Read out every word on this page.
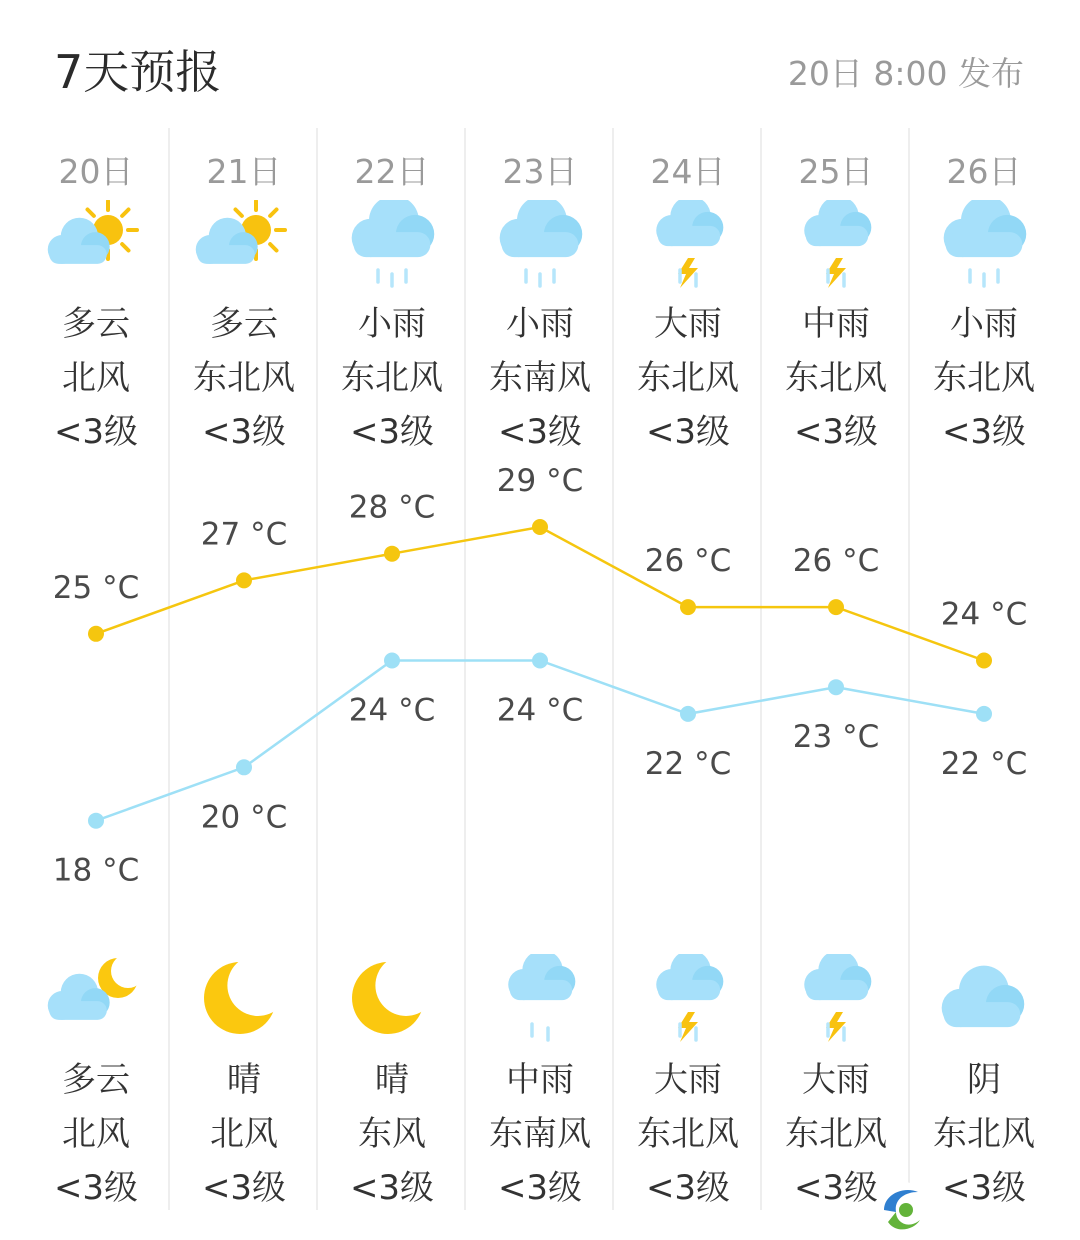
7天预报	20日 8:00 发布
20日
多云
北风
<3级
多云
北风
<3级
21日
多云
东北风
<3级
晴
北风
<3级
22日
小雨
东北风
<3级
晴
东风
<3级
23日
小雨
东南风
<3级
中雨
东南风
<3级
24日
大雨
东北风
<3级
大雨
东北风
<3级
25日
中雨
东北风
<3级
大雨
东北风
<3级
26日
小雨
东北风
<3级
阴
东北风
<3级
25 °C
27 °C
28 °C
29 °C
26 °C 26 °C
24 °C
18 °C
20 °C
24 °C 24 °C
22 °C
23 °C
22 °C
